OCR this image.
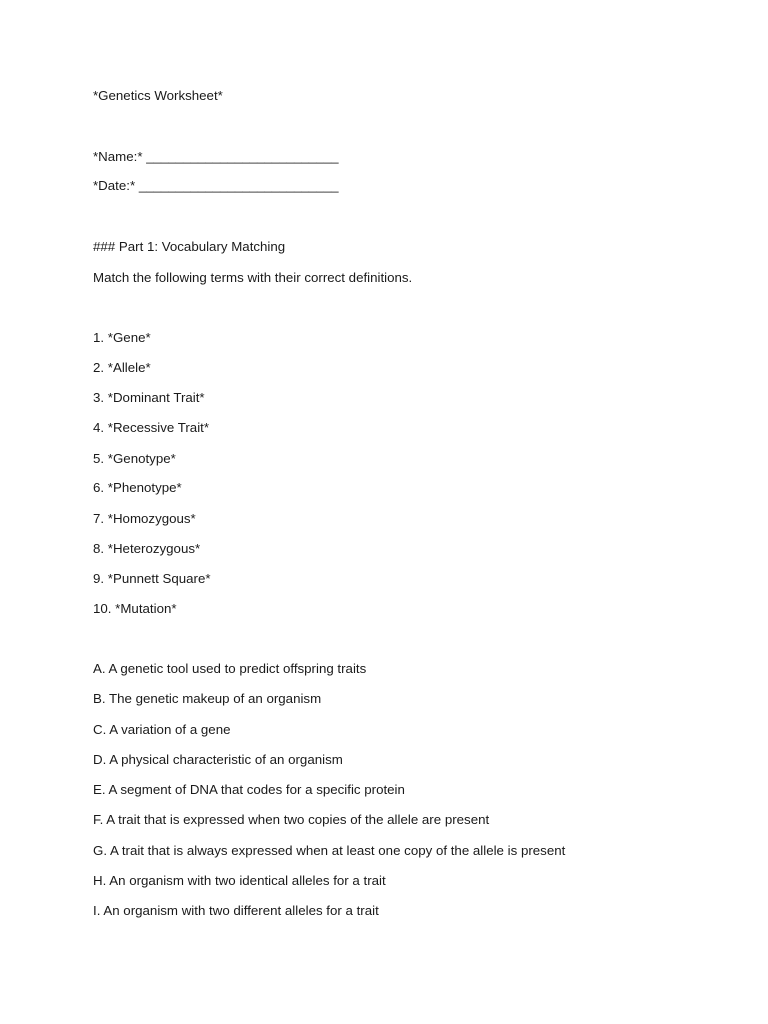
*Genetics Worksheet*
*Name:* __________________________
*Date:* ___________________________
### Part 1: Vocabulary Matching
Match the following terms with their correct definitions.
1. *Gene*
2. *Allele*
3. *Dominant Trait*
4. *Recessive Trait*
5. *Genotype*
6. *Phenotype*
7. *Homozygous*
8. *Heterozygous*
9. *Punnett Square*
10. *Mutation*
A. A genetic tool used to predict offspring traits
B. The genetic makeup of an organism
C. A variation of a gene
D. A physical characteristic of an organism
E. A segment of DNA that codes for a specific protein
F. A trait that is expressed when two copies of the allele are present
G. A trait that is always expressed when at least one copy of the allele is present
H. An organism with two identical alleles for a trait
I. An organism with two different alleles for a trait
